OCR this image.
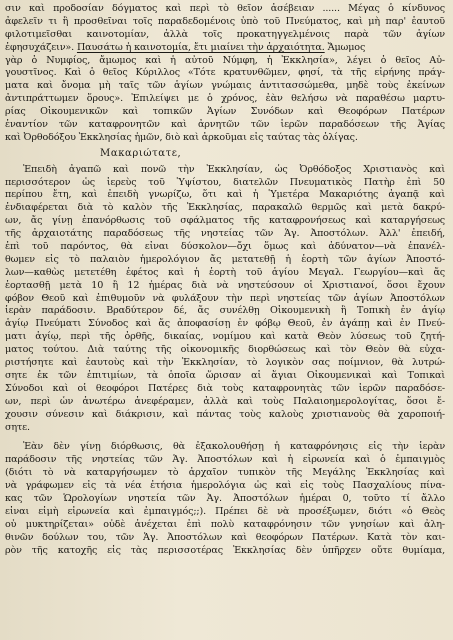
σιν καὶ προδοσίαν δόγματος καὶ περὶ τὸ θεῖον ἀσέβειαν ...... Μέγας ὁ κίνδυνος
ἀφελεῖν τι ἢ προσθεῖναι τοῖς παραδεδομένοις ὑπὸ τοῦ Πνεύματος, καὶ μὴ παρ' ἑαυτοῦ
φιλοτιμεῖσθαι καινοτομίαν, ἀλλὰ τοῖς προκατηγγελμένοις παρὰ τῶν ἁγίων
ἐφησυχάζειν». Παυσάτω ἡ καινοτομία, ἔτι μιαίνει τὴν ἀρχαιότητα. Ἄμωμος
γὰρ ὁ Νυμφίος, ἄμωμος καὶ ἡ αὐτοῦ Νύμφη, ἡ Ἐκκλησία», λέγει ὁ θεῖος Αὐ-
γουστῖνος. Καὶ ὁ θεῖος Κύριλλος «Τότε κρατυνθῶμεν, φησί, τὰ τῆς εἰρήνης πράγ-
ματα καὶ ὄνομα μὴ ταῖς τῶν ἁγίων γνώμαις ἀντιτασσώμεθα, μηδὲ τοὺς ἐκείνων
ἀντιπράττωμεν ὅρους». Ἐπιλείψει με ὁ χρόνος, ἐὰν θελήσω νὰ παραθέσω μαρτυ-
ρίας Οἰκουμενικῶν καὶ τοπικῶν Ἁγίων Συνόδων καὶ Θεοφόρων Πατέρων
ἐναντίον τῶν καταφρονητῶν καὶ ἀρνητῶν τῶν ἱερῶν παραδόσεων τῆς Ἁγίας
καὶ Ὀρθοδόξου Ἐκκλησίας ἡμῶν, διὸ καὶ ἀρκοῦμαι εἰς ταύτας τὰς ὀλίγας.
Μακαριώτατε,
Ἐπειδὴ ἀγαπῶ καὶ πονῶ τὴν Ἐκκλησίαν, ὡς Ὀρθόδοξος Χριστιανὸς καὶ
περισσότερον ὡς ἱερεὺς τοῦ Ὑψίστου, διατελῶν Πνευματικὸς Πατὴρ ἐπὶ 50
περίπου ἔτη, καὶ ἐπειδὴ γνωρίζω, ὅτι καὶ ἡ Ὑμετέρα Μακαριότης ἀγαπᾷ καὶ
ἐνδιαφέρεται διὰ τὸ καλὸν τῆς Ἐκκλησίας, παρακαλῶ θερμῶς καὶ μετὰ δακρύ-
ων, ἄς γίνῃ ἐπανόρθωσις τοῦ σφάλματος τῆς καταφρονήσεως καὶ καταργήσεως
τῆς ἀρχαιοτάτης παραδόσεως τῆς νηστείας τῶν Ἁγ. Ἀποστόλων. Ἀλλ' ἐπειδή,
ἐπὶ τοῦ παρόντος, θὰ εἶναι δύσκολον—ὄχι ὅμως καὶ ἀδύνατον—νὰ ἐπανέλ-
θωμεν εἰς τὸ παλαιὸν ἡμερολόγιον ἄς μετατεθῇ ἡ ἑορτὴ τῶν ἁγίων Ἀποστό-
λων—καθὼς μετετέθη ἐφέτος καὶ ἡ ἑορτὴ τοῦ ἁγίου Μεγαλ. Γεωργίου—καὶ ἄς
ἑορτασθῇ μετὰ 10 ἢ 12 ἡμέρας διὰ νὰ νηστεύσουν οἱ Χριστιανοί, ὅσοι ἔχουν
φόβον Θεοῦ καὶ ἐπιθυμοῦν νὰ φυλάξουν τὴν περὶ νηστείας τῶν ἁγίων Ἀποστόλων
ἱερὰν παράδοσιν. Βραδύτερον δέ, ἄς συνέλθῃ Οἰκουμενικὴ ἢ Τοπικὴ ἐν ἁγίῳ
ἁγίῳ Πνεύματι Σύνοδος καὶ ἄς ἀποφασίσῃ ἐν φόβῳ Θεοῦ, ἐν ἀγάπῃ καὶ ἐν Πνεύ-
ματι ἁγίῳ, περὶ τῆς ὀρθῆς, δικαίας, νομίμου καὶ κατὰ Θεὸν λύσεως τοῦ ζητή-
ματος τούτου. Διὰ ταύτης τῆς οἰκονομικῆς διορθώσεως καὶ τὸν Θεὸν θὰ εὐχα-
ριστήσητε καὶ ἑαυτοὺς καὶ τὴν Ἐκκλησίαν, τὸ λογικὸν σας ποίμνιον, θὰ λυτρώ-
σητε ἐκ τῶν ἐπιτιμίων, τὰ ὁποῖα ὥρισαν αἱ ἅγιαι Οἰκουμενικαὶ καὶ Τοπικαὶ
Σύνοδοι καὶ οἱ θεοφόροι Πατέρες διὰ τοὺς καταφρονητὰς τῶν ἱερῶν παραδόσε-
ων, περὶ ὧν ἀνωτέρω ἀνεφέραμεν, ἀλλὰ καὶ τοὺς Παλαιοημερολογίτας, ὅσοι ἔ-
χουσιν σύνεσιν καὶ διάκρισιν, καὶ πάντας τοὺς καλοὺς χριστιανοὺς θὰ χαροποιή-
σητε.
Ἐὰν δὲν γίνῃ διόρθωσις, θὰ ἐξακολουθήσῃ ἡ καταφρόνησις εἰς τὴν ἱερὰν
παράδοσιν τῆς νηστείας τῶν Ἁγ. Ἀποστόλων καὶ ἡ εἰρωνεία καὶ ὁ ἐμπαιγμὸς
(διότι τὸ νὰ καταργήσωμεν τὸ ἀρχαῖον τυπικὸν τῆς Μεγάλης Ἐκκλησίας καὶ
νὰ γράφωμεν εἰς τὰ νέα ἐτήσια ἡμερολόγια ὡς καὶ εἰς τοὺς Πασχαλίους πίνα-
κας τῶν Ὡρολογίων νηστεία τῶν Ἁγ. Ἀποστόλων ἡμέραι 0, τοῦτο τί ἄλλο
εἶναι εἰμὴ εἰρωνεία καὶ ἐμπαιγμός;;). Πρέπει δὲ νὰ προσέξωμεν, διότι «ὁ Θεὸς
οὐ μυκτηρίζεται» οὐδὲ ἀνέχεται ἐπὶ πολὺ καταφρόνησιν τῶν γνησίων καὶ ἀλη-
θινῶν δούλων του, τῶν Ἁγ. Ἀποστόλων καὶ θεοφόρων Πατέρων. Κατὰ τὸν και-
ρὸν τῆς κατοχῆς εἰς τὰς περισσοτέρας Ἐκκλησίας δὲν ὑπῆρχεν οὔτε θυμίαμα,
